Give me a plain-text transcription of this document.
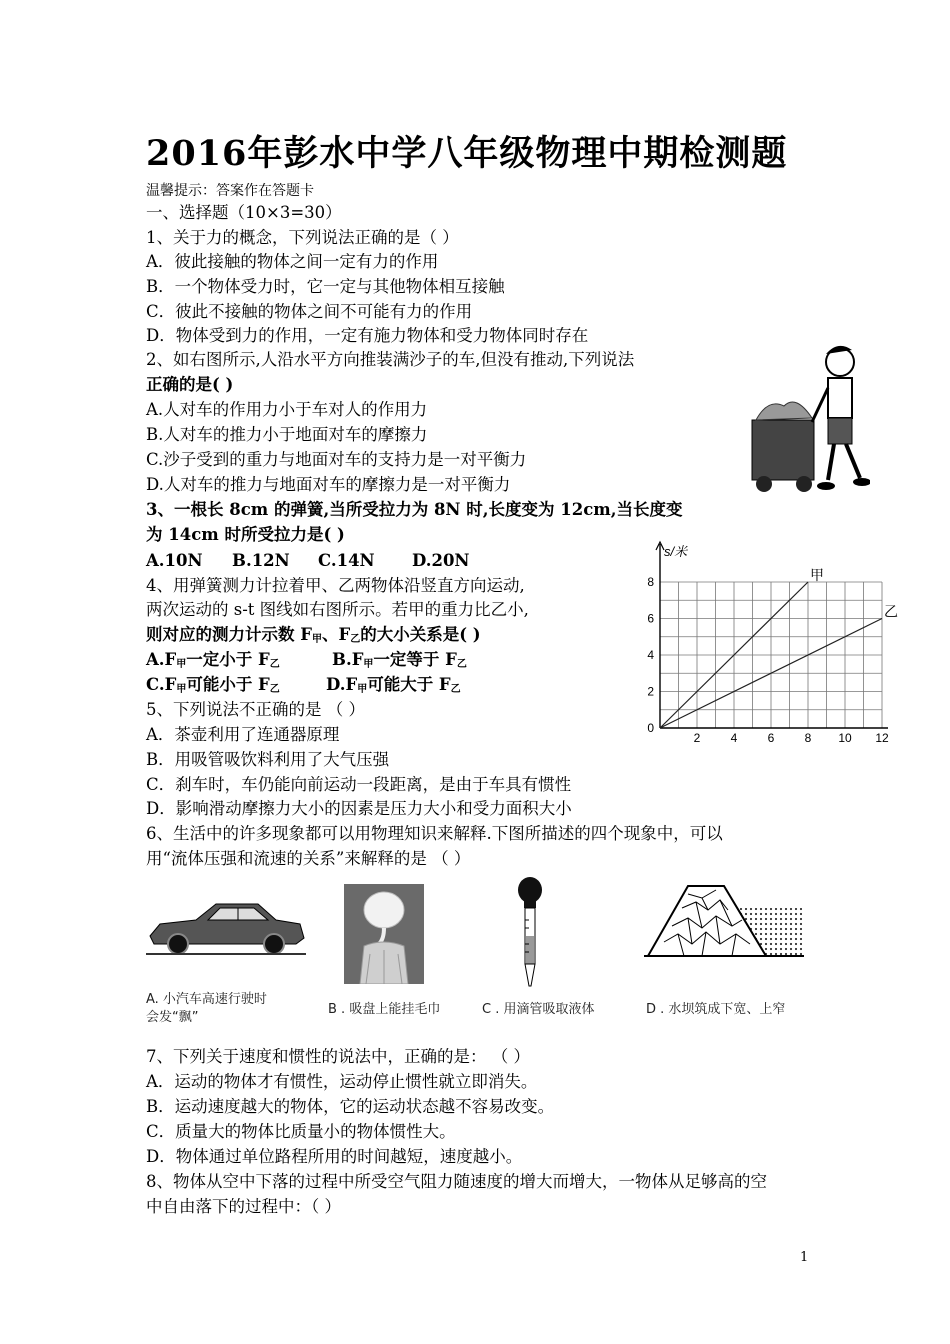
2016年彭水中学八年级物理中期检测题
温馨提示：答案作在答题卡
一、选择题（10×3=30）
1、关于力的概念，下列说法正确的是（ ）
A．彼此接触的物体之间一定有力的作用
B．一个物体受力时，它一定与其他物体相互接触
C．彼此不接触的物体之间不可能有力的作用
D．物体受到力的作用，一定有施力物体和受力物体同时存在
2、如右图所示,人沿水平方向推装满沙子的车,但没有推动,下列说法
正确的是( )
A.人对车的作用力小于车对人的作用力
B.人对车的推力小于地面对车的摩擦力
C.沙子受到的重力与地面对车的支持力是一对平衡力
D.人对车的推力与地面对车的摩擦力是一对平衡力
3、一根长 8cm 的弹簧,当所受拉力为 8N 时,长度变为 12cm,当长度变
为 14cm 时所受拉力是( )
A.10N B.12N C.14N D.20N
4、用弹簧测力计拉着甲、乙两物体沿竖直方向运动,
两次运动的 s-t 图线如右图所示。若甲的重力比乙小,
则对应的测力计示数 $F_甲$、$F_乙$的大小关系是( )
$A.F_甲$一定小于 $F_乙$	$B.F_甲$一定等于 $F_乙$
$C.F_甲$可能小于 $F_乙$	$D.F_甲$可能大于 $F_乙$
s/米
2	4	6	8 10 12
0
2
4
6
8	甲
乙
5、下列说法不正确的是 （ ）
A．茶壶利用了连通器原理
B．用吸管吸饮料利用了大气压强
C．刹车时，车仍能向前运动一段距离，是由于车具有惯性
D．影响滑动摩擦力大小的因素是压力大小和受力面积大小
6、生活中的许多现象都可以用物理知识来解释.下图所描述的四个现象中，可以
用“流体压强和流速的关系”来解释的是 （ ）
A. 小汽车高速行驶时
会发“飘”
B . 吸盘上能挂毛巾	C . 用滴管吸取液体	D . 水坝筑成下宽、上窄
7、下列关于速度和惯性的说法中，正确的是： （ ）
A．运动的物体才有惯性，运动停止惯性就立即消失。
B．运动速度越大的物体，它的运动状态越不容易改变。
C．质量大的物体比质量小的物体惯性大。
D．物体通过单位路程所用的时间越短，速度越小。
8、物体从空中下落的过程中所受空气阻力随速度的增大而增大，一物体从足够高的空
中自由落下的过程中：（ ）
1
